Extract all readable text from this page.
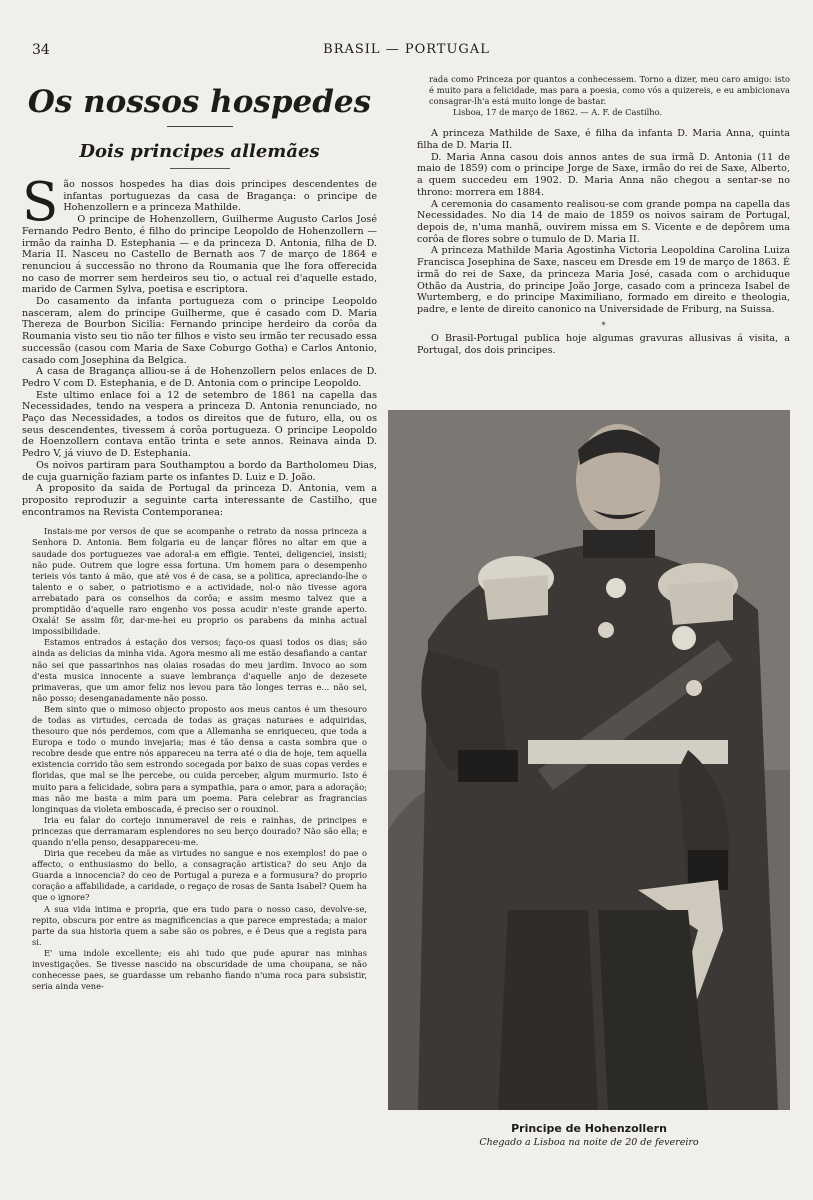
34	BRASIL — PORTUGAL
Os nossos hospedes
Dois principes allemães

São nossos hospedes ha dias dois principes descendentes de infantas portuguezas da casa de Bragança: o principe de Hohenzollern e a princeza Mathilde.

O principe de Hohenzollern, Guilherme Augusto Carlos José Fernando Pedro Bento, é filho do principe Leopoldo de Hohenzollern — irmão da rainha D. Estephania — e da princeza D. Antonia, filha de D. Maria II. Nasceu no Castello de Bernath aos 7 de março de 1864 e renunciou á successão no throno da Roumania que lhe fora offerecida no caso de morrer sem herdeiros seu tio, o actual rei d'aquelle estado, marido de Carmen Sylva, poetisa e escriptora.

Do casamento da infanta portugueza com o principe Leopoldo nasceram, alem do principe Guilherme, que é casado com D. Maria Thereza de Bourbon Sicilia: Fernando principe herdeiro da corôa da Roumania visto seu tio não ter filhos e visto seu irmão ter recusado essa successão (casou com Maria de Saxe Coburgo Gotha) e Carlos Antonio, casado com Josephina da Belgica.

A casa de Bragança alliou-se á de Hohenzollern pelos enlaces de D. Pedro V com D. Estephania, e de D. Antonia com o principe Leopoldo.

Este ultimo enlace foi a 12 de setembro de 1861 na capella das Necessidades, tendo na vespera a princeza D. Antonia renunciado, no Paço das Necessidades, a todos os direitos que de futuro, ella, ou os seus descendentes, tivessem á corôa portugueza. O principe Leopoldo de Hoenzollern contava então trinta e sete annos. Reinava ainda D. Pedro V, já viuvo de D. Estephania.

Os noivos partiram para Southamptou a bordo da Bartholomeu Dias, de cuja guarnição faziam parte os infantes D. Luiz e D. João.

A proposito da saida de Portugal da princeza D. Antonia, vem a proposito reproduzir a seguinte carta interessante de Castilho, que encontramos na Revista Contemporanea:

Instais-me por versos de que se acompanhe o retrato da nossa princeza a Senhora D. Antonia. Bem folgaria eu de lançar flôres no altar em que a saudade dos portuguezes vae adoral-a em effigie. Tentei, deligenciei, insisti; não pude. Outrem que logre essa fortuna. Um homem para o desempenho terieis vós tanto á mão, que até vos é de casa, se a politica, apreciando-lhe o talento e o saber, o patriotismo e a actividade, nol-o não tivesse agora arrebatado para os conselhos da corôa; e assim mesmo talvez que a promptidão d'aquelle raro engenho vos possa acudir n'este grande aperto. Oxalá! Se assim fôr, dar-me-hei eu proprio os parabens da minha actual impossibilidade.

Estamos entrados á estação dos versos; faço-os quasi todos os dias; são ainda as delicias da minha vida. Agora mesmo ali me estão desafiando a cantar não sei que passarinhos nas olaias rosadas do meu jardim. Invoco ao som d'esta musica innocente a suave lembrança d'aquelle anjo de dezesete primaveras, que um amor feliz nos levou para tão longes terras e... não sei, não posso; desenganadamente não posso.

Bem sinto que o mimoso objecto proposto aos meus cantos é um thesouro de todas as virtudes, cercada de todas as graças naturaes e adquiridas, thesouro que nós perdemos, com que a Allemanha se enriqueceu, que toda a Europa e todo o mundo invejaria; mas é tão densa a casta sombra que o recobre desde que entre nós appareceu na terra até o dia de hoje, tem aquella existencia corrido tão sem estrondo socegada por baixo de suas copas verdes e floridas, que mal se lhe percebe, ou cuida perceber, algum murmurio. Isto é muito para a felicidade, sobra para a sympathia, para o amor, para a adoração; mas não me basta a mim para um poema. Para celebrar as fragrancias longinquas da violeta emboscada, é preciso ser o rouxinol.

Iria eu falar do cortejo innumeravel de reis e rainhas, de principes e princezas que derramaram esplendores no seu berço dourado? Não são ella; e quando n'ella penso, desappareceu-me.

Diria que recebeu da mãe as virtudes no sangue e nos exemplos! do pae o affecto, o enthusiasmo do bello, a consagração artistica? do seu Anjo da Guarda a innocencia? do ceo de Portugal a pureza e a formusura? do proprio coração a affabilidade, a caridade, o regaço de rosas de Santa Isabel? Quem ha que o ignore?

A sua vida intima e propria, que era tudo para o nosso caso, devolve-se, repito, obscura por entre as magnificencias a que parece emprestada; a maior parte da sua historia quem a sabe são os pobres, e é Deus que a regista para si.

E' uma indole excellente; eis ahi tudo que pude apurar nas minhas investigações. Se tivesse nascido na obscuridade de uma choupana, se não conhecesse paes, se guardasse um rebanho fiando n'uma roca para subsistir, seria ainda vene-

rada como Princeza por quantos a conhecessem. Torno a dizer, meu caro amigo: isto é muito para a felicidade, mas para a poesia, como vós a quizereis, e eu ambicionava consagrar-lh'a está muito longe de bastar.

Lisboa, 17 de março de 1862. — A. F. de Castilho.

A princeza Mathilde de Saxe, é filha da infanta D. Maria Anna, quinta filha de D. Maria II.

D. Maria Anna casou dois annos antes de sua irmã D. Antonia (11 de maio de 1859) com o principe Jorge de Saxe, irmão do rei de Saxe, Alberto, a quem succedeu em 1902. D. Maria Anna não chegou a sentar-se no throno: morrera em 1884.

A ceremonia do casamento realisou-se com grande pompa na capella das Necessidades. No dia 14 de maio de 1859 os noivos sairam de Portugal, depois de, n'uma manhã, ouvirem missa em S. Vicente e de depôrem uma corôa de flores sobre o tumulo de D. Maria II.

A princeza Mathilde Maria Agostinha Victoria Leopoldina Carolina Luiza Francisca Josephina de Saxe, nasceu em Dresde em 19 de março de 1863. É irmã do rei de Saxe, da princeza Maria José, casada com o archiduque Othão da Austria, do principe João Jorge, casado com a princeza Isabel de Wurtemberg, e do principe Maximiliano, formado em direito e theologia, padre, e lente de direito canonico na Universidade de Friburg, na Suissa.

*

O Brasil-Portugal publica hoje algumas gravuras allusivas á visita, a Portugal, dos dois principes.

Principe de Hohenzollern
Chegado a Lisboa na noite de 20 de fevereiro
